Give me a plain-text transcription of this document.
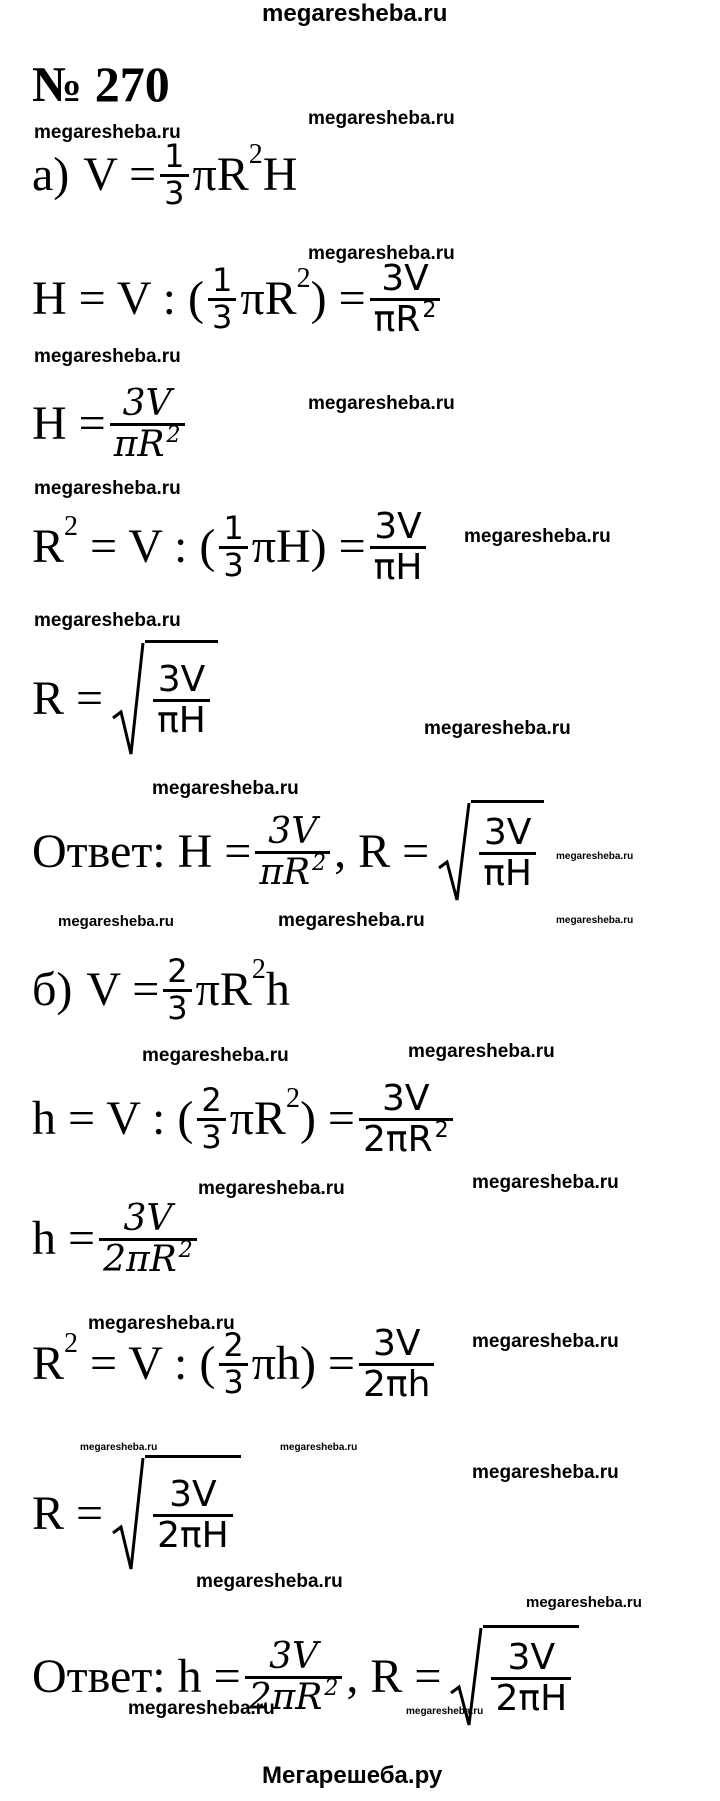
megaresheba.ru
megaresheba.ru
megaresheba.ru
megaresheba.ru
megaresheba.ru
megaresheba.ru
megaresheba.ru
megaresheba.ru
megaresheba.ru
megaresheba.ru
megaresheba.ru
megaresheba.ru
megaresheba.ru	megaresheba.ru	megaresheba.ru
megaresheba.ru	megaresheba.ru
megaresheba.ru
megaresheba.ru
megaresheba.ru
megaresheba.ru
megaresheba.ru	megaresheba.ru
megaresheba.ru
megaresheba.ru
megaresheba.ru
megaresheba.ru	megaresheba.ru
Мегарешеба.ру
№ 270
а) $V = \frac{1}{3}$ πR 2 H
H = V : ( $\frac{1}{3}$ πR 2 ) = $\frac{3V}{\pi R^2}$
$H = \frac{3V}{\pi R^2}$
R 2 = V : ( $\frac{1}{3} \pi H) = \frac{3V}{\pi H}$
$R = \frac{3V}{\pi H}$
Ответ: $H = \frac{3V}{\pi R^2}$ , $R = \frac{3V}{\pi H}$
б) $V = \frac{2}{3}$ πR 2 h
h = V : ( $\frac{2}{3}$ πR 2 ) = $\frac{3V}{2\pi R^2}$
$h = \frac{3V}{2\pi R^2}$
R 2 = V : ( $\frac{2}{3} \pi h) = \frac{3V}{2\pi h}$
$R = \frac{3V}{2\pi H}$
Ответ: $h = \frac{3V}{2\pi R^2}$ , $R = \frac{3V}{2\pi H}$
